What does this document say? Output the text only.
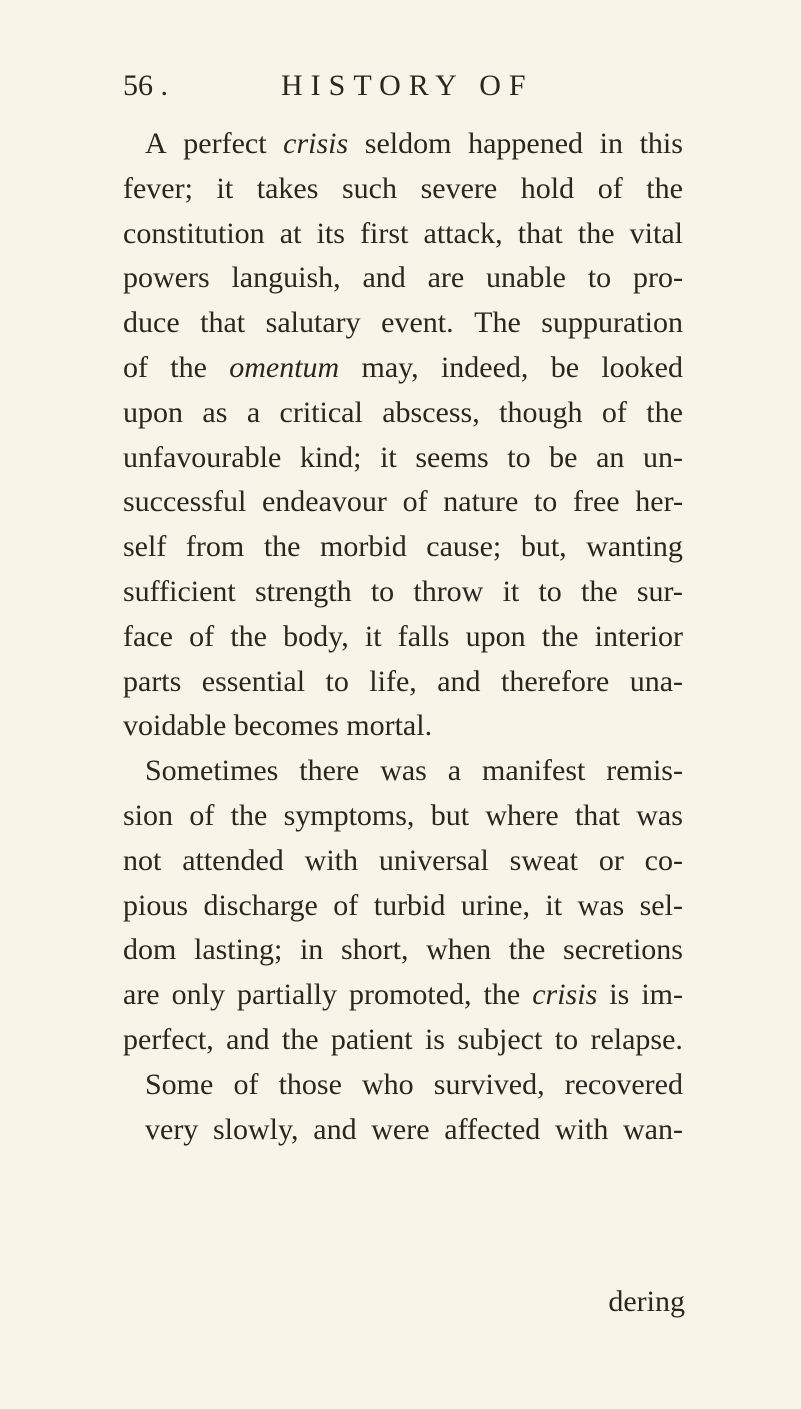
56 .	HISTORY OF
A perfect crisis seldom happened in this
fever; it takes such severe hold of the
constitution at its first attack, that the vital
powers languish, and are unable to pro-
duce that salutary event. The suppuration
of the omentum may, indeed, be looked
upon as a critical abscess, though of the
unfavourable kind; it seems to be an un-
successful endeavour of nature to free her-
self from the morbid cause; but, wanting
sufficient strength to throw it to the sur-
face of the body, it falls upon the interior
parts essential to life, and therefore una-
voidable becomes mortal.
Sometimes there was a manifest remis-
sion of the symptoms, but where that was
not attended with universal sweat or co-
pious discharge of turbid urine, it was sel-
dom lasting; in short, when the secretions
are only partially promoted, the crisis is im-
perfect, and the patient is subject to relapse.
Some of those who survived, recovered
very slowly, and were affected with wan-
dering
